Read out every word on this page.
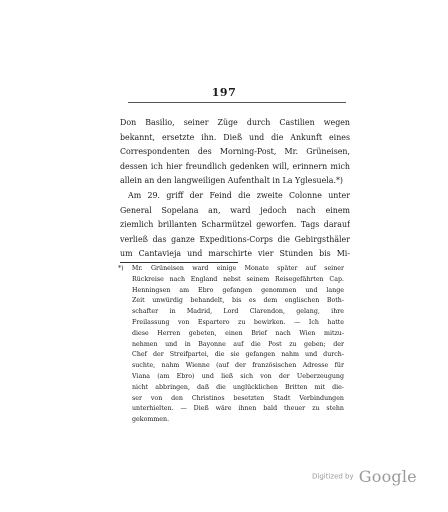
197
Don Basilio, seiner Züge durch Castilien wegen
bekannt, ersetzte ihn. Dieß und die Ankunft eines
Correspondenten des Morning-Post, Mr. Grüneisen,
dessen ich hier freundlich gedenken will, erinnern mich
allein an den langweiligen Aufenthalt in La Yglesuela.*)
Am 29. griff der Feind die zweite Colonne unter
General Sopelana an, ward jedoch nach einem
ziemlich brillanten Scharmützel geworfen. Tags darauf
verließ das ganze Expeditions-Corps die Gebirgsthäler
um Cantavieja und marschirte vier Stunden bis Mi-
*) Mr. Grüneisen ward einige Monate später auf seiner
Rückreise nach England nebst seinem Reisegefährten Cap.
Henningsen am Ebro gefangen genommen und lange
Zeit unwürdig behandelt, bis es dem englischen Both-
schafter in Madrid, Lord Clarendon, gelang, ihre
Freilassung von Espartero zu bewirken. — Ich hatte
diese Herren gebeten, einen Brief nach Wien mitzu-
nehmen und in Bayonne auf die Post zu geben; der
Chef der Streifpartei, die sie gefangen nahm und durch-
suchte, nahm Wienne (auf der französischen Adresse für
Viana (am Ebro) und ließ sich von der Ueberzeugung
nicht abbringen, daß die unglücklichen Britten mit die-
ser von den Christinos besetzten Stadt Verbindungen
unterhielten. — Dieß wäre ihnen bald theuer zu stehn
gekommen.
Digitized by Google
